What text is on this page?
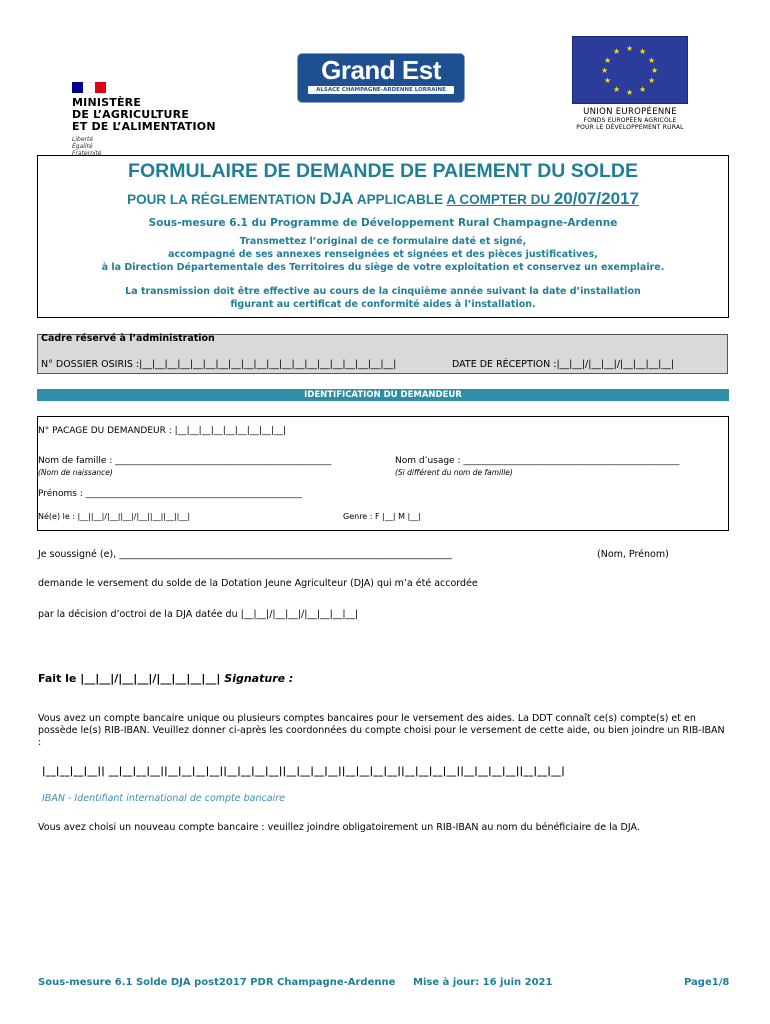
MINISTÈRE
DE L’AGRICULTURE
ET DE L’ALIMENTATION
Liberté
Égalité
Fraternité
Grand Est
ALSACE CHAMPAGNE-ARDENNE LORRAINE
★ ★
★
★
★
★
★
★
★
★
★
★
UNION EUROPÉENNE
FONDS EUROPÉEN AGRICOLE
POUR LE DÉVELOPPEMENT RURAL
FORMULAIRE DE DEMANDE DE PAIEMENT DU SOLDE
POUR LA RÉGLEMENTATION DJA APPLICABLE A COMPTER DU 20/07/2017
Sous-mesure 6.1 du Programme de Développement Rural Champagne-Ardenne
Transmettez l’original de ce formulaire daté et signé,
accompagné de ses annexes renseignées et signées et des pièces justificatives,
à la Direction Départementale des Territoires du siège de votre exploitation et conservez un exemplaire.
La transmission doit être effective au cours de la cinquième année suivant la date d’installation
figurant au certificat de conformité aides à l’installation.
Cadre réservé à l’administration
N° DOSSIER OSIRIS :|__|__|__|__|__|__|__|__|__|__|__|__|__|__|__|__|__|__|__|__|	DATE DE RÉCEPTION :|__|__|/|__|__|/|__|__|__|__|
IDENTIFICATION DU DEMANDEUR
N° PACAGE DU DEMANDEUR : |__|__|__|__|__|__|__|__|__|
Nom de famille : ________________________________________________
(Nom de naissance)
Nom d’usage : ________________________________________________
(Si différent du nom de famille)
Prénoms : ________________________________________________
Né(e) le : |__||__|/|__||__|/|__||__||__||__|	Genre : F |__| M |__|
Je soussigné (e), ______________________________________________________________________	(Nom, Prénom)
demande le versement du solde de la Dotation Jeune Agriculteur (DJA) qui m’a été accordée
par la décision d’octroi de la DJA datée du |__|__|/|__|__|/|__|__|__|__|
Fait le |__|__|/|__|__|/|__|__|__|__| Signature :
Vous avez un compte bancaire unique ou plusieurs comptes bancaires pour le versement des aides. La DDT connaît ce(s) compte(s) et en possède le(s) RIB-IBAN. Veuillez donner ci-après les coordonnées du compte choisi pour le versement de cette aide, ou bien joindre un RIB-IBAN :
|__|__|__|__|| __|__|__|__||__|__|__|__||__|__|__|__||__|__|__|__||__|__|__|__||__|__|__|__||__|__|__|__||__|__|__|
IBAN - Identifiant international de compte bancaire
Vous avez choisi un nouveau compte bancaire : veuillez joindre obligatoirement un RIB-IBAN au nom du bénéficiaire de la DJA.
Sous-mesure 6.1 Solde DJA post2017 PDR Champagne-Ardenne Mise à jour: 16 juin 2021	Page1/8
